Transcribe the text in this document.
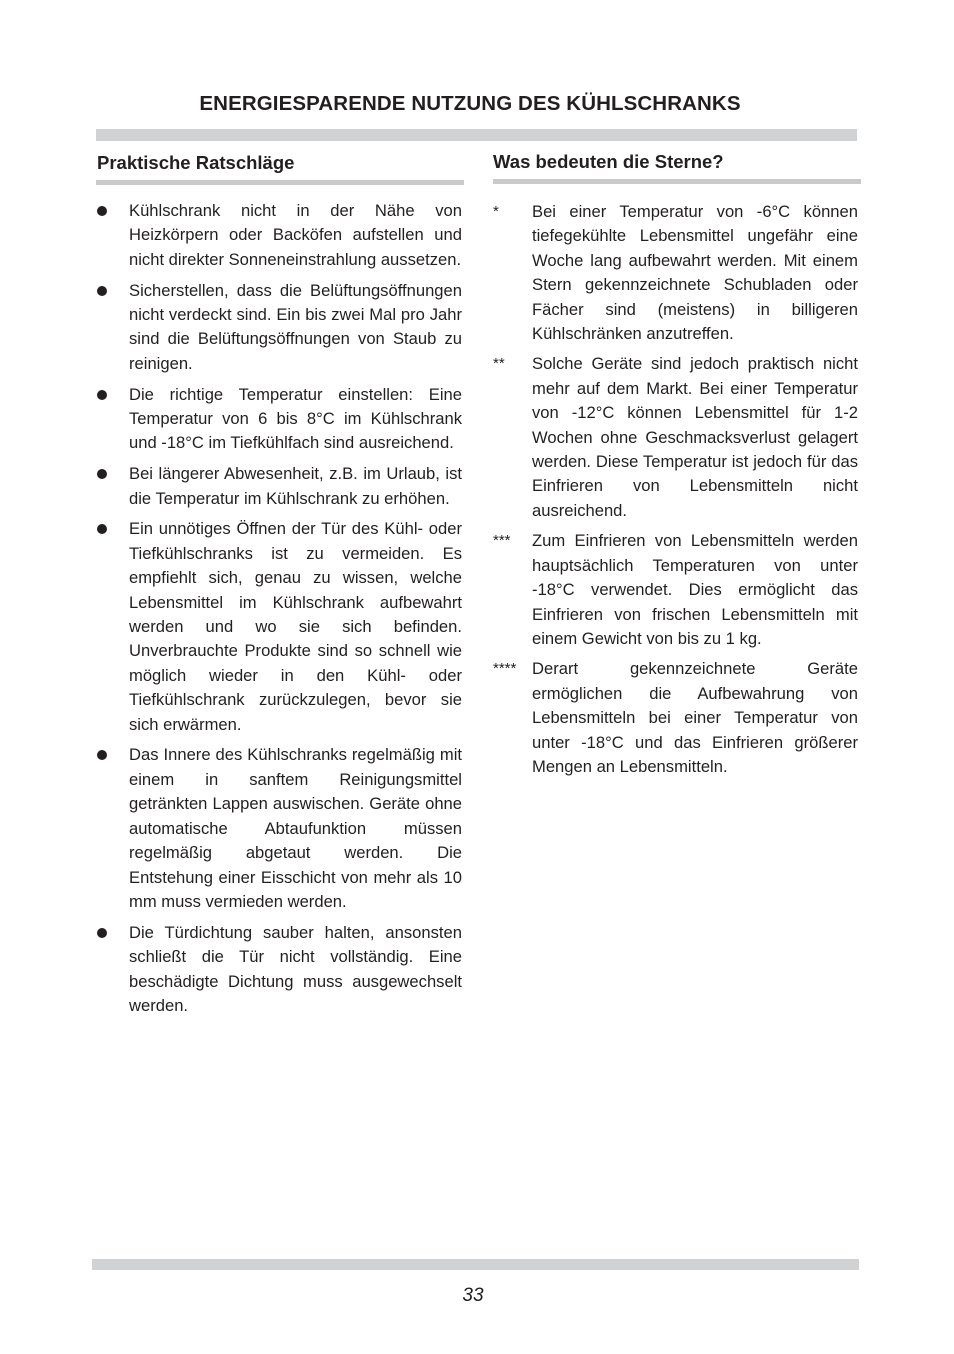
ENERGIESPARENDE NUTZUNG DES KÜHLSCHRANKS
Praktische Ratschläge
Kühlschrank nicht in der Nähe von Heizkörpern oder Backöfen aufstellen und nicht direkter Sonneneinstrahlung aussetzen.
Sicherstellen, dass die Belüftungsöffnungen nicht verdeckt sind. Ein bis zwei Mal pro Jahr sind die Belüftungsöffnungen von Staub zu reinigen.
Die richtige Temperatur einstellen: Eine Temperatur von 6 bis 8°C im Kühlschrank und -18°C im Tiefkühlfach sind ausreichend.
Bei längerer Abwesenheit, z.B. im Urlaub, ist die Temperatur im Kühlschrank zu erhöhen.
Ein unnötiges Öffnen der Tür des Kühl- oder Tiefkühlschranks ist zu vermeiden. Es empfiehlt sich, genau zu wissen, welche Lebensmittel im Kühlschrank aufbewahrt werden und wo sie sich befinden. Unverbrauchte Produkte sind so schnell wie möglich wieder in den Kühl- oder Tiefkühlschrank zurückzulegen, bevor sie sich erwärmen.
Das Innere des Kühlschranks regelmäßig mit einem in sanftem Reinigungsmittel getränkten Lappen auswischen. Geräte ohne automatische Abtaufunktion müssen regelmäßig abgetaut werden. Die Entstehung einer Eisschicht von mehr als 10 mm muss vermieden werden.
Die Türdichtung sauber halten, ansonsten schließt die Tür nicht vollständig. Eine beschädigte Dichtung muss ausgewechselt werden.
Was bedeuten die Sterne?
* Bei einer Temperatur von -6°C können tiefegekühlte Lebensmittel ungefähr eine Woche lang aufbewahrt werden. Mit einem Stern gekennzeichnete Schubladen oder Fächer sind (meistens) in billigeren Kühlschränken anzutreffen.
** Solche Geräte sind jedoch praktisch nicht mehr auf dem Markt. Bei einer Temperatur von -12°C können Lebensmittel für 1-2 Wochen ohne Geschmacksverlust gelagert werden. Diese Temperatur ist jedoch für das Einfrieren von Lebensmitteln nicht ausreichend.
*** Zum Einfrieren von Lebensmitteln werden hauptsächlich Temperaturen von unter -18°C verwendet. Dies ermöglicht das Einfrieren von frischen Lebensmitteln mit einem Gewicht von bis zu 1 kg.
**** Derart gekennzeichnete Geräte ermöglichen die Aufbewahrung von Lebensmitteln bei einer Temperatur von unter -18°C und das Einfrieren größerer Mengen an Lebensmitteln.
33
